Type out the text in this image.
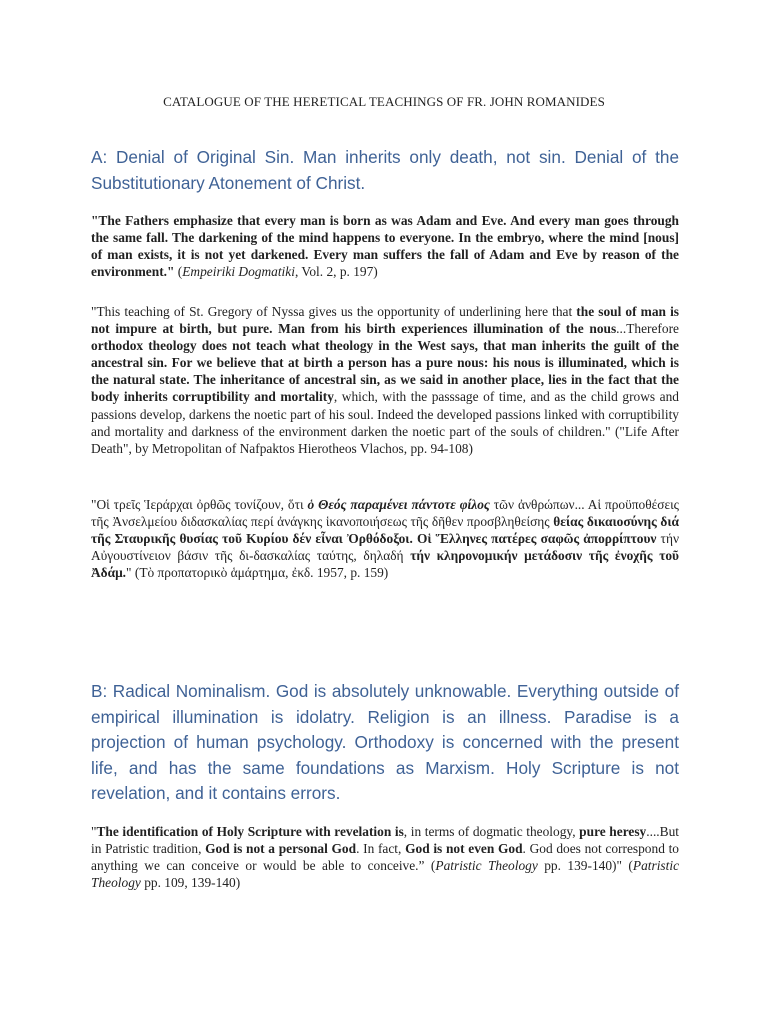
CATALOGUE OF THE HERETICAL TEACHINGS OF FR. JOHN ROMANIDES
A: Denial of Original Sin. Man inherits only death, not sin. Denial of the Substitutionary Atonement of Christ.
"The Fathers emphasize that every man is born as was Adam and Eve. And every man goes through the same fall. The darkening of the mind happens to everyone. In the embryo, where the mind [nous] of man exists, it is not yet darkened. Every man suffers the fall of Adam and Eve by reason of the environment." (Empeiriki Dogmatiki, Vol. 2, p. 197)
"This teaching of St. Gregory of Nyssa gives us the opportunity of underlining here that the soul of man is not impure at birth, but pure. Man from his birth experiences illumination of the nous...Therefore orthodox theology does not teach what theology in the West says, that man inherits the guilt of the ancestral sin. For we believe that at birth a person has a pure nous: his nous is illuminated, which is the natural state. The inheritance of ancestral sin, as we said in another place, lies in the fact that the body inherits corruptibility and mortality, which, with the passsage of time, and as the child grows and passions develop, darkens the noetic part of his soul. Indeed the developed passions linked with corruptibility and mortality and darkness of the environment darken the noetic part of the souls of children." ("Life After Death", by Metropolitan of Nafpaktos Hierotheos Vlachos, pp. 94-108)
"Οἱ τρεῖς Ἱεράρχαι ὀρθῶς τονίζουν, ὅτι ὁ Θεός παραμένει πάντοτε φίλος τῶν ἀνθρώπων... Αἱ προϋποθέσεις τῆς Ἀνσελμείου διδασκαλίας περί ἀνάγκης ἱκανοποιήσεως τῆς δῆθεν προσβληθείσης θείας δικαιοσύνης διά τῆς Σταυρικῆς θυσίας τοῦ Κυρίου δέν εἶναι Ὀρθόδοξοι. Οἱ Ἕλληνες πατέρες σαφῶς ἀπορρίπτουν τήν Αὐγουστίνειον βάσιν τῆς δι-δασκαλίας ταύτης, δηλαδή τήν κληρονομικήν μετάδοσιν τῆς ἐνοχῆς τοῦ Ἀδάμ." (Τὸ προπατορικὸ ἁμάρτημα, ἐκδ. 1957, p. 159)
B: Radical Nominalism. God is absolutely unknowable. Everything outside of empirical illumination is idolatry. Religion is an illness. Paradise is a projection of human psychology. Orthodoxy is concerned with the present life, and has the same foundations as Marxism. Holy Scripture is not revelation, and it contains errors.
"The identification of Holy Scripture with revelation is, in terms of dogmatic theology, pure heresy....But in Patristic tradition, God is not a personal God. In fact, God is not even God. God does not correspond to anything we can conceive or would be able to conceive.” (Patristic Theology pp. 139-140)" (Patristic Theology pp. 109, 139-140)
